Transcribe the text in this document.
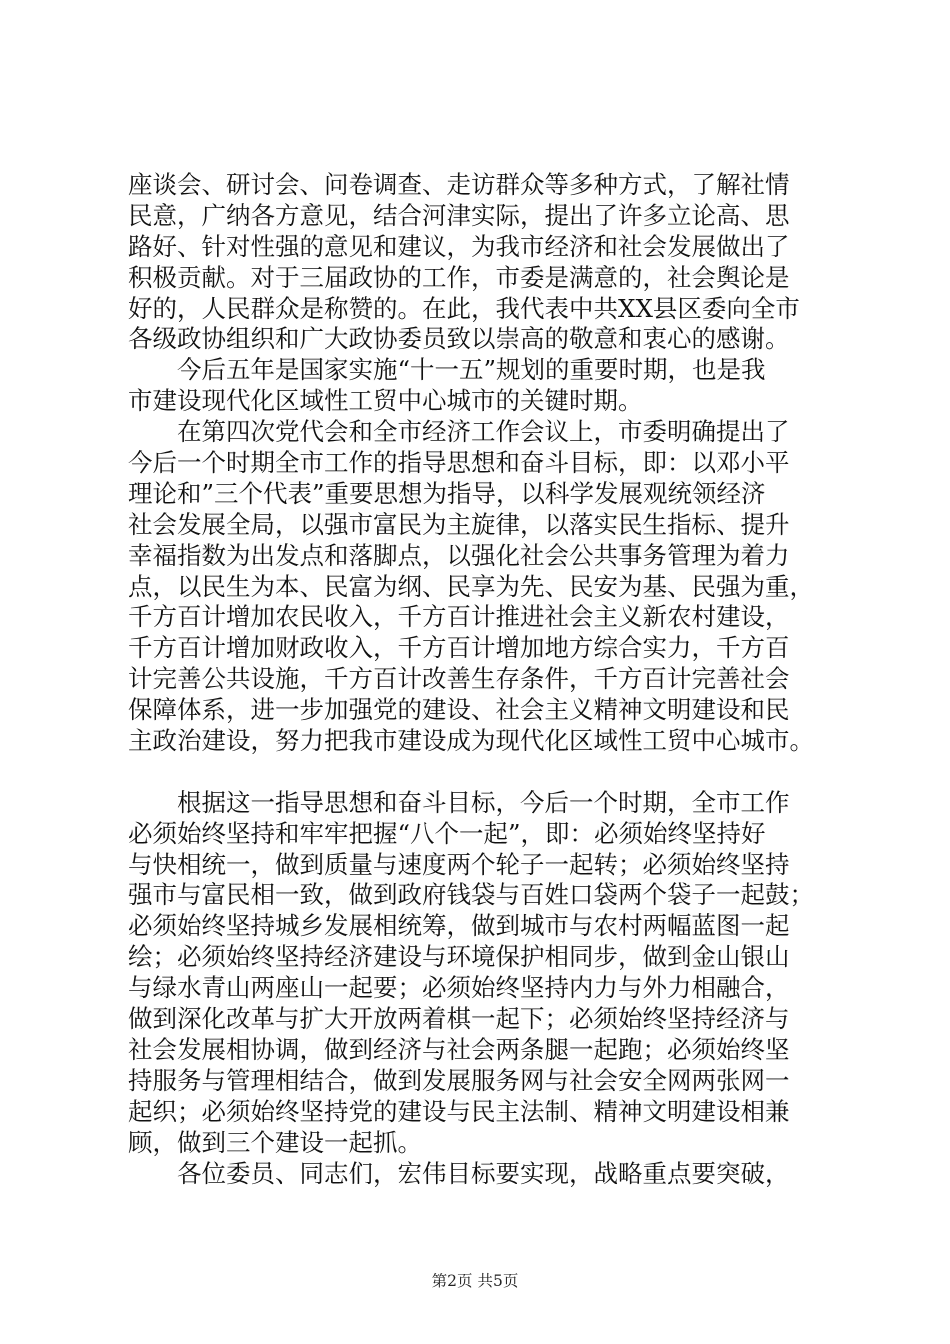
座谈会、研讨会、问卷调查、走访群众等多种方式，了解社情
民意，广纳各方意见，结合河津实际，提出了许多立论高、思
路好、针对性强的意见和建议，为我市经济和社会发展做出了
积极贡献。对于三届政协的工作，市委是满意的，社会舆论是
好的，人民群众是称赞的。在此，我代表中共XX县区委向全市
各级政协组织和广大政协委员致以崇高的敬意和衷心的感谢。
　　今后五年是国家实施“十一五”规划的重要时期，也是我
市建设现代化区域性工贸中心城市的关键时期。
　　在第四次党代会和全市经济工作会议上，市委明确提出了
今后一个时期全市工作的指导思想和奋斗目标，即：以邓小平
理论和”三个代表”重要思想为指导，以科学发展观统领经济
社会发展全局，以强市富民为主旋律，以落实民生指标、提升
幸福指数为出发点和落脚点，以强化社会公共事务管理为着力
点，以民生为本、民富为纲、民享为先、民安为基、民强为重，
千方百计增加农民收入，千方百计推进社会主义新农村建设，
千方百计增加财政收入，千方百计增加地方综合实力，千方百
计完善公共设施，千方百计改善生存条件，千方百计完善社会
保障体系，进一步加强党的建设、社会主义精神文明建设和民
主政治建设，努力把我市建设成为现代化区域性工贸中心城市。
　　根据这一指导思想和奋斗目标，今后一个时期，全市工作
必须始终坚持和牢牢把握“八个一起”，即：必须始终坚持好
与快相统一，做到质量与速度两个轮子一起转；必须始终坚持
强市与富民相一致，做到政府钱袋与百姓口袋两个袋子一起鼓；
必须始终坚持城乡发展相统筹，做到城市与农村两幅蓝图一起
绘；必须始终坚持经济建设与环境保护相同步，做到金山银山
与绿水青山两座山一起要；必须始终坚持内力与外力相融合，
做到深化改革与扩大开放两着棋一起下；必须始终坚持经济与
社会发展相协调，做到经济与社会两条腿一起跑；必须始终坚
持服务与管理相结合，做到发展服务网与社会安全网两张网一
起织；必须始终坚持党的建设与民主法制、精神文明建设相兼
顾，做到三个建设一起抓。
　　各位委员、同志们，宏伟目标要实现，战略重点要突破，
第2页 共5页
